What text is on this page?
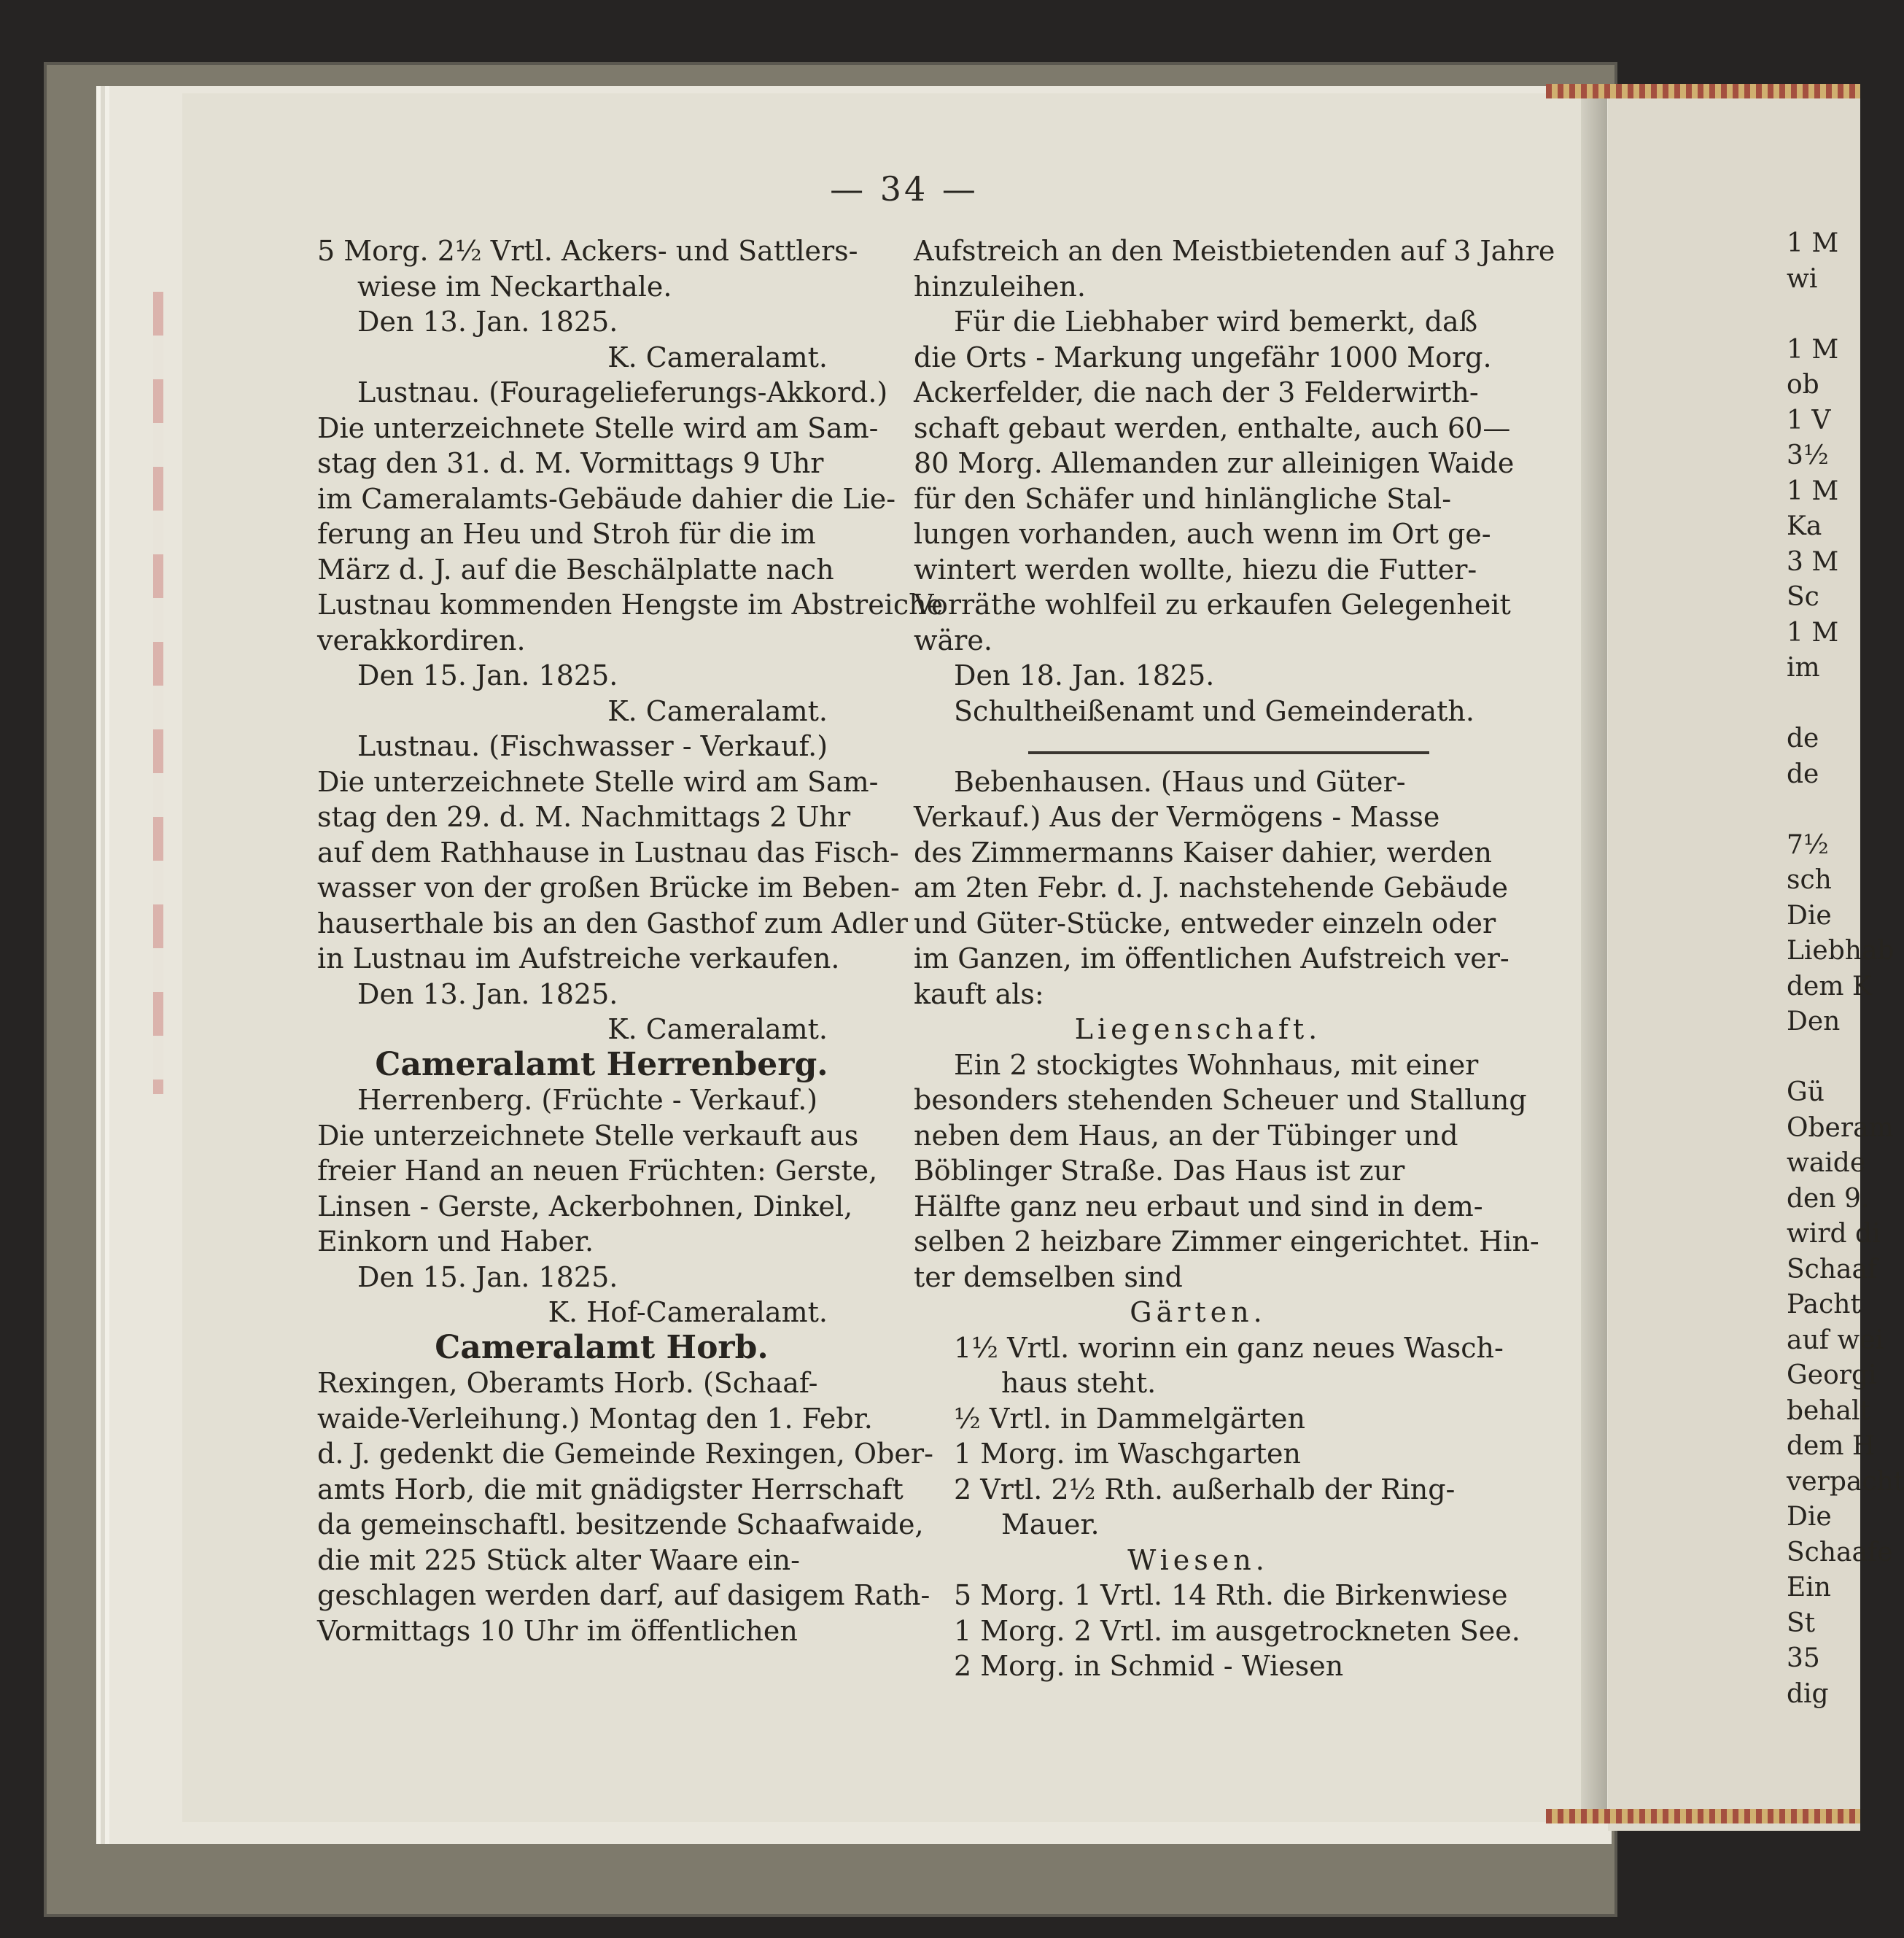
— 34 —

5 Morg. 2½ Vrtl. Ackers- und Sattlers-

wiese im Neckarthale.

Den 13. Jan. 1825.

K. Cameralamt.

Lustnau. (Fouragelieferungs-Akkord.)

Die unterzeichnete Stelle wird am Sam-

stag den 31. d. M. Vormittags 9 Uhr

im Cameralamts-Gebäude dahier die Lie-

ferung an Heu und Stroh für die im

März d. J. auf die Beschälplatte nach

Lustnau kommenden Hengste im Abstreiche

verakkordiren.

Den 15. Jan. 1825.

K. Cameralamt.

Lustnau. (Fischwasser - Verkauf.)

Die unterzeichnete Stelle wird am Sam-

stag den 29. d. M. Nachmittags 2 Uhr

auf dem Rathhause in Lustnau das Fisch-

wasser von der großen Brücke im Beben-

hauserthale bis an den Gasthof zum Adler

in Lustnau im Aufstreiche verkaufen.

Den 13. Jan. 1825.

K. Cameralamt.

Cameralamt Herrenberg.

Herrenberg. (Früchte - Verkauf.)

Die unterzeichnete Stelle verkauft aus

freier Hand an neuen Früchten: Gerste,

Linsen - Gerste, Ackerbohnen, Dinkel,

Einkorn und Haber.

Den 15. Jan. 1825.

K. Hof-Cameralamt.

Cameralamt Horb.

Rexingen, Oberamts Horb. (Schaaf-

waide-Verleihung.) Montag den 1. Febr.

d. J. gedenkt die Gemeinde Rexingen, Ober-

amts Horb, die mit gnädigster Herrschaft

da gemeinschaftl. besitzende Schaafwaide,

die mit 225 Stück alter Waare ein-

geschlagen werden darf, auf dasigem Rath-

Vormittags 10 Uhr im öffentlichen

Aufstreich an den Meistbietenden auf 3 Jahre

hinzuleihen.

Für die Liebhaber wird bemerkt, daß

die Orts - Markung ungefähr 1000 Morg.

Ackerfelder, die nach der 3 Felderwirth-

schaft gebaut werden, enthalte, auch 60—

80 Morg. Allemanden zur alleinigen Waide

für den Schäfer und hinlängliche Stal-

lungen vorhanden, auch wenn im Ort ge-

wintert werden wollte, hiezu die Futter-

Vorräthe wohlfeil zu erkaufen Gelegenheit

wäre.

Den 18. Jan. 1825.

Schultheißenamt und Gemeinderath.

Bebenhausen. (Haus und Güter-

Verkauf.) Aus der Vermögens - Masse

des Zimmermanns Kaiser dahier, werden

am 2ten Febr. d. J. nachstehende Gebäude

und Güter-Stücke, entweder einzeln oder

im Ganzen, im öffentlichen Aufstreich ver-

kauft als:

Liegenschaft.

Ein 2 stockigtes Wohnhaus, mit einer

besonders stehenden Scheuer und Stallung

neben dem Haus, an der Tübinger und

Böblinger Straße. Das Haus ist zur

Hälfte ganz neu erbaut und sind in dem-

selben 2 heizbare Zimmer eingerichtet. Hin-

ter demselben sind

Gärten.

1½ Vrtl. worinn ein ganz neues Wasch-

haus steht.

½ Vrtl. in Dammelgärten

1 Morg. im Waschgarten

2 Vrtl. 2½ Rth. außerhalb der Ring-

Mauer.

Wiesen.

5 Morg. 1 Vrtl. 14 Rth. die Birkenwiese

1 Morg. 2 Vrtl. im ausgetrockneten See.

2 Morg. in Schmid - Wiesen

1 M

wi

1 M

ob

1 V

3½

1 M

Ka

3 M

Sc

1 M

im

de

de

7½

sch

Die

Liebhab

dem K

Den

Gü

Oberam

waide

den 9.

wird di

Schaaf

Pacht

auf wei

Georgi

behalt

dem H

verpacht

Die

Schaafe

Ein

St

35

dig
